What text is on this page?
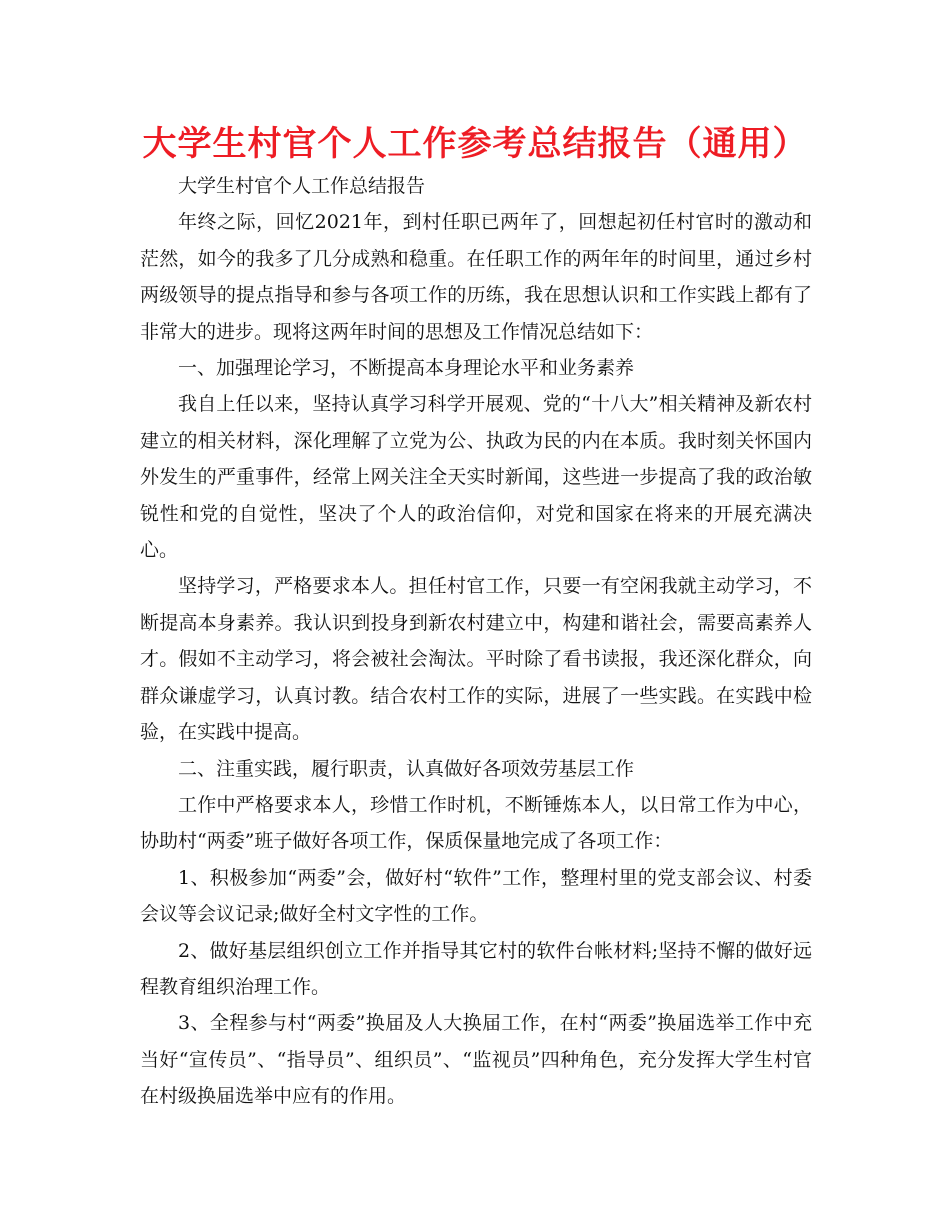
大学生村官个人工作参考总结报告（通用）

大学生村官个人工作总结报告

年终之际，回忆2021年，到村任职已两年了，回想起初任村官时的激动和茫然，如今的我多了几分成熟和稳重。在任职工作的两年年的时间里，通过乡村两级领导的提点指导和参与各项工作的历练，我在思想认识和工作实践上都有了非常大的进步。现将这两年时间的思想及工作情况总结如下：

一、加强理论学习，不断提高本身理论水平和业务素养

我自上任以来，坚持认真学习科学开展观、党的“十八大”相关精神及新农村建立的相关材料，深化理解了立党为公、执政为民的内在本质。我时刻关怀国内外发生的严重事件，经常上网关注全天实时新闻，这些进一步提高了我的政治敏锐性和党的自觉性，坚决了个人的政治信仰，对党和国家在将来的开展充满决心。

坚持学习，严格要求本人。担任村官工作，只要一有空闲我就主动学习，不断提高本身素养。我认识到投身到新农村建立中，构建和谐社会，需要高素养人才。假如不主动学习，将会被社会淘汰。平时除了看书读报，我还深化群众，向群众谦虚学习，认真讨教。结合农村工作的实际，进展了一些实践。在实践中检验，在实践中提高。

二、注重实践，履行职责，认真做好各项效劳基层工作

工作中严格要求本人，珍惜工作时机，不断锤炼本人，以日常工作为中心，协助村“两委”班子做好各项工作，保质保量地完成了各项工作：

1、积极参加“两委”会，做好村“软件”工作，整理村里的党支部会议、村委会议等会议记录;做好全村文字性的工作。

2、做好基层组织创立工作并指导其它村的软件台帐材料;坚持不懈的做好远程教育组织治理工作。

3、全程参与村“两委”换届及人大换届工作，在村“两委”换届选举工作中充当好“宣传员”、“指导员”、组织员”、“监视员”四种角色，充分发挥大学生村官在村级换届选举中应有的作用。
